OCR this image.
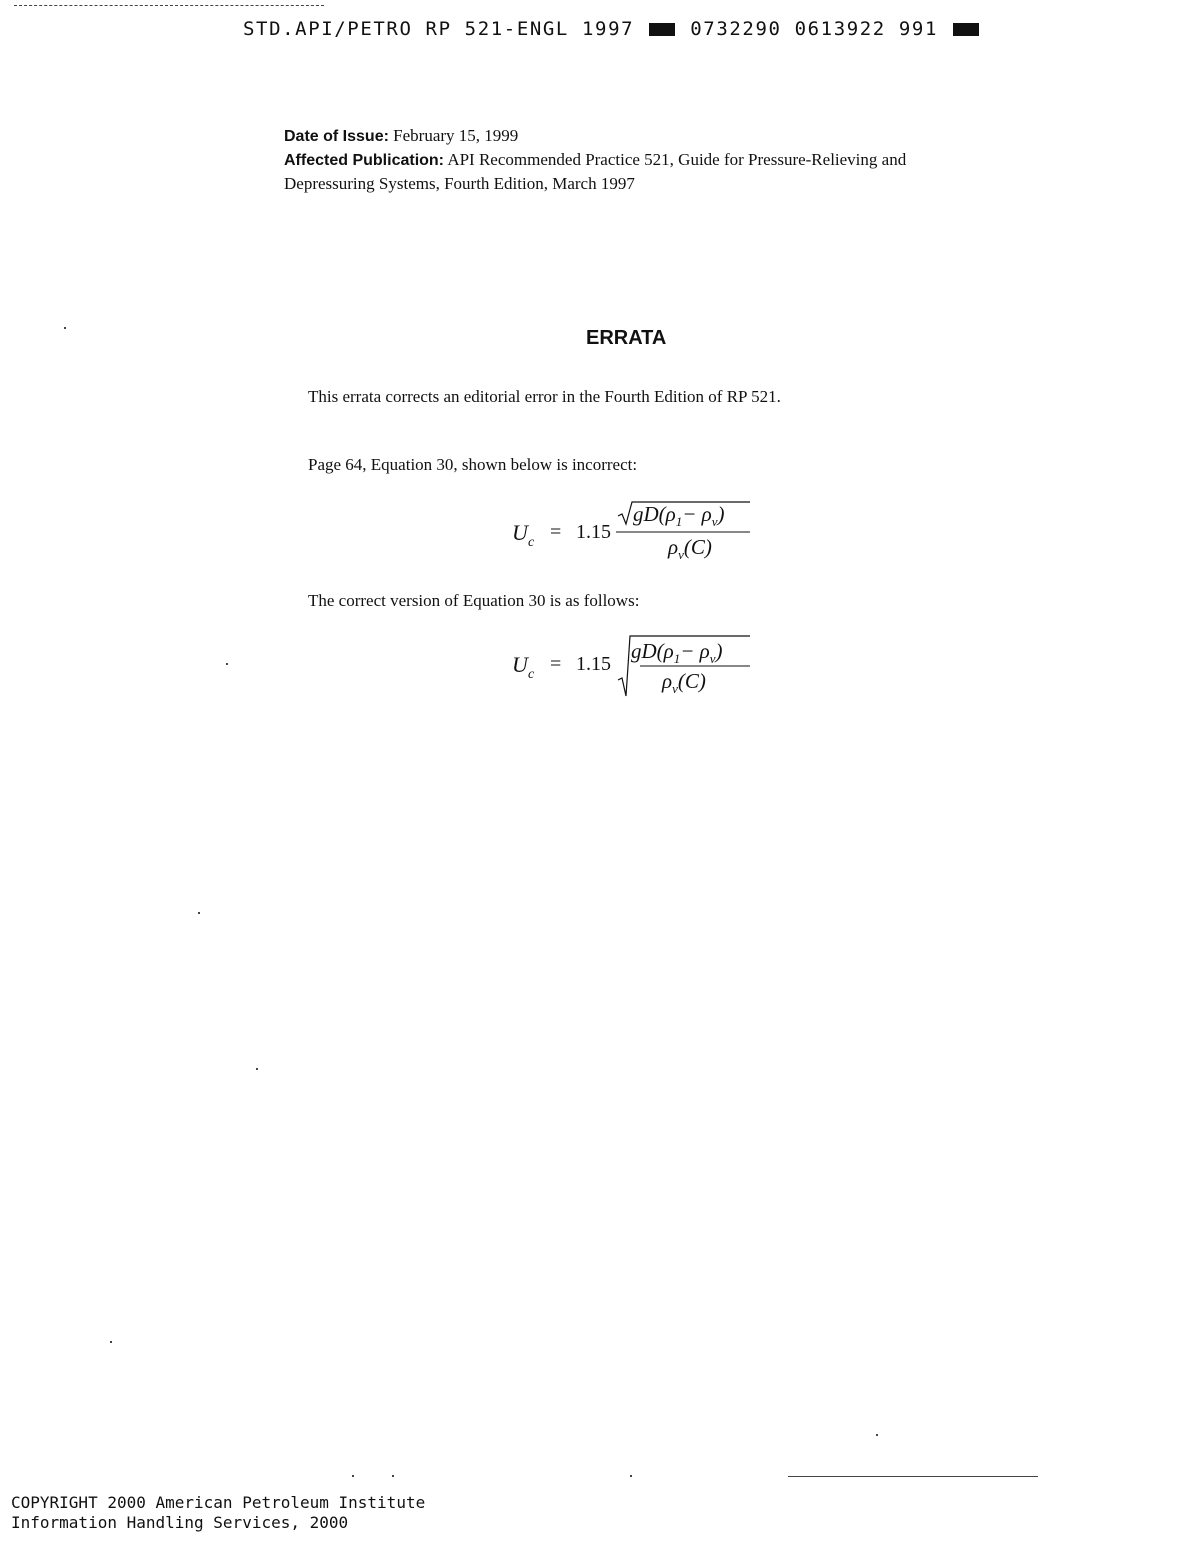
STD.API/PETRO RP 521-ENGL 1997	0732290 0613922 991
Date of Issue: February 15, 1999
Affected Publication: API Recommended Practice 521, Guide for Pressure-Relieving and Depressuring Systems, Fourth Edition, March 1997
ERRATA
This errata corrects an editorial error in the Fourth Edition of RP 521.
Page 64, Equation 30, shown below is incorrect:
U c = 1.15
$gD(\rho_1- \rho_v)$
$\rho_v(C)$
The correct version of Equation 30 is as follows:
U c = 1.15
$gD(\rho_1- \rho_v)$
$\rho_v(C)$
COPYRIGHT 2000 American Petroleum Institute
Information Handling Services, 2000
